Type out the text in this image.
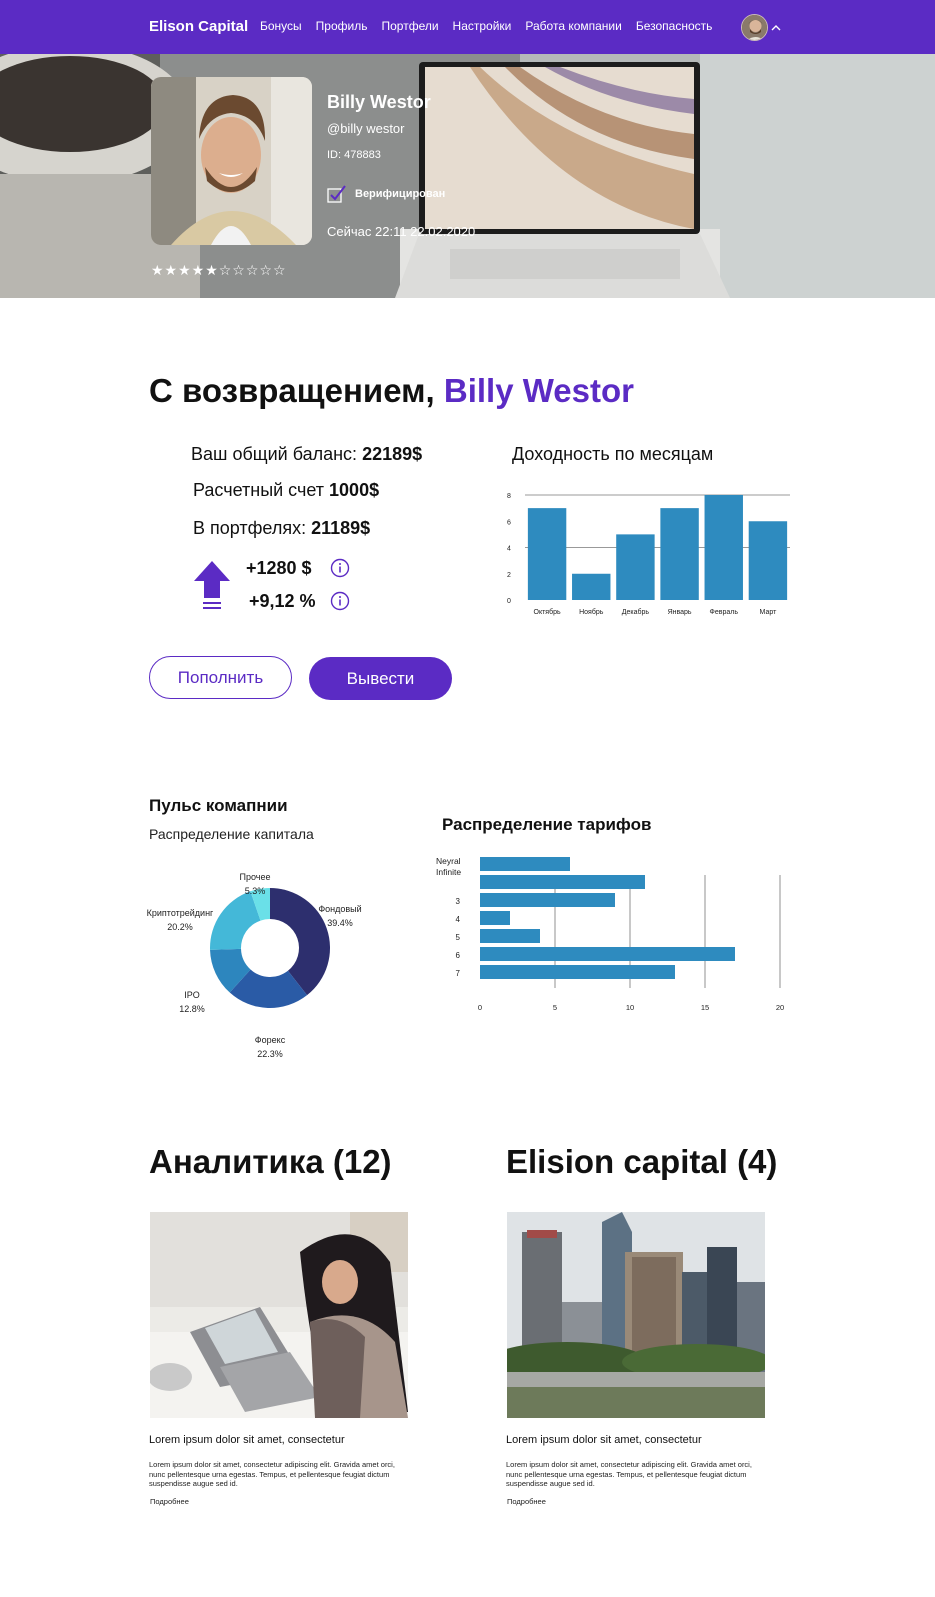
Elison Capital Бонусы Профиль Портфели Настройки Работа компании Безопасность
Billy Westor
@billy westor
ID: 478883
Верифицирован
Сейчас 22:11 22.02.2020
★★★★★☆☆☆☆☆
С возвращением, Billy Westor
Ваш общий баланс: 22189$
Расчетный счет 1000$
В портфелях: 21189$
+1280 $
+9,12 %
Пополнить	Вывести
Доходность по месяцам
0
2
4
6
8
Октябрь	Ноябрь	Декабрь	Январь	Февраль	Март
Пульс комапнии
Распределение капитала
Фондовый
39.4%
Форекс
22.3%
IPO
12.8%
Криптотрейдинг
20.2%
Прочее
5.3%
Распределение тарифов
Neyral
Infinite
3
4
5
6
7
0	5	10	15	20
Аналитика (12)
Lorem ipsum dolor sit amet, consectetur
Lorem ipsum dolor sit amet, consectetur adipiscing elit. Gravida amet orci, nunc pellentesque urna egestas. Tempus, et pellentesque feugiat dictum suspendisse augue sed id.
Подробнее
Elision capital (4)
Lorem ipsum dolor sit amet, consectetur
Lorem ipsum dolor sit amet, consectetur adipiscing elit. Gravida amet orci, nunc pellentesque urna egestas. Tempus, et pellentesque feugiat dictum suspendisse augue sed id.
Подробнее
